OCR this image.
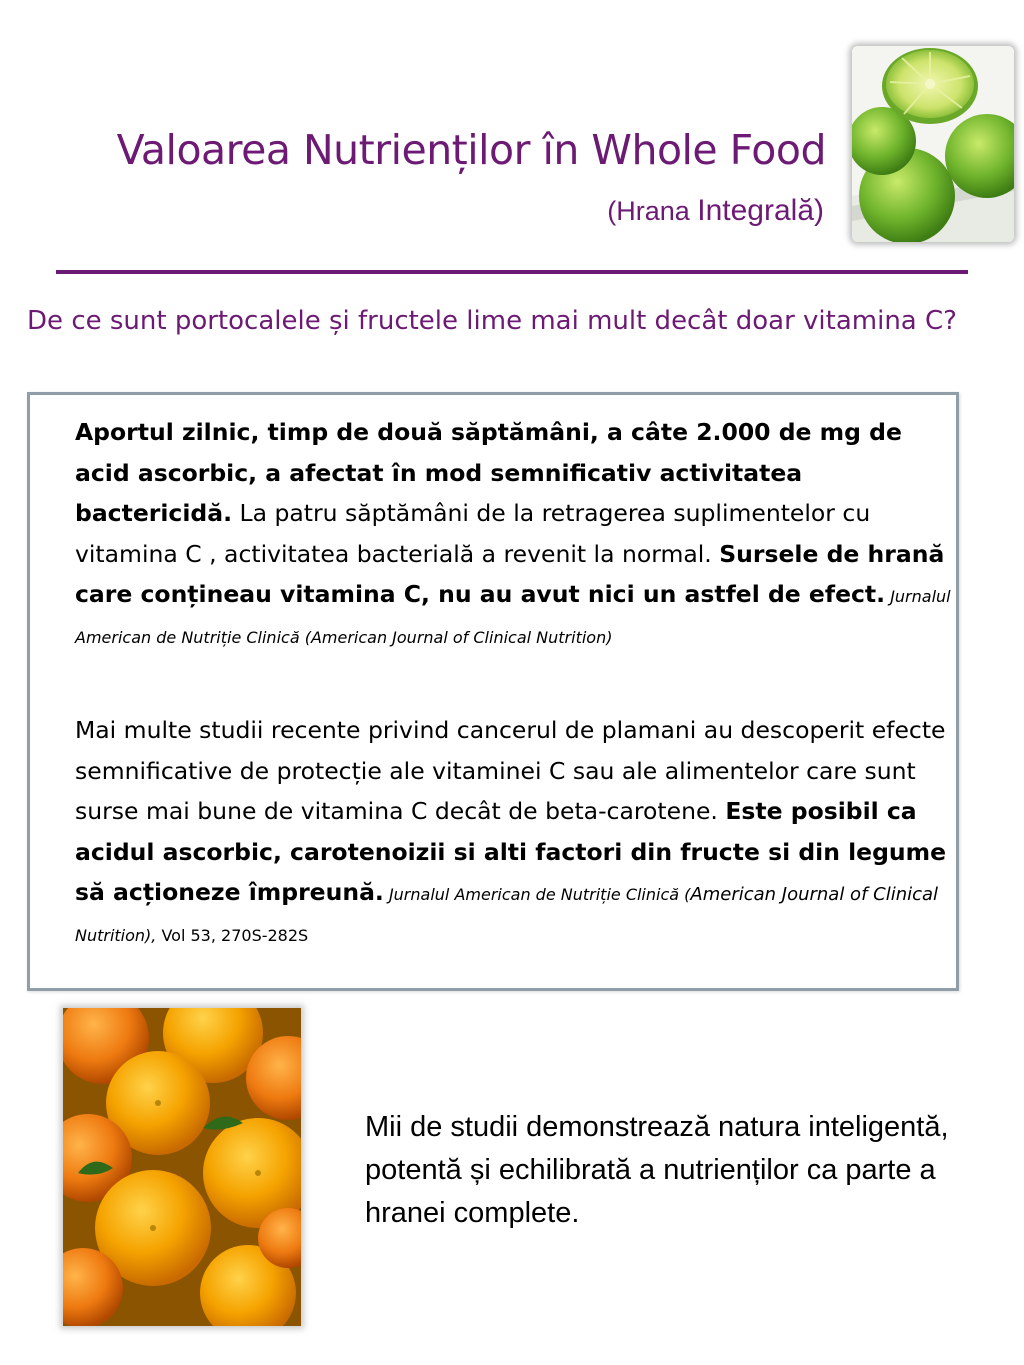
Valoarea Nutrienților în Whole Food
(Hrana Integrală)
De ce sunt portocalele și fructele lime mai mult decât doar vitamina C?
Aportul zilnic, timp de două săptămâni, a câte 2.000 de mg de acid ascorbic, a afectat în mod semnificativ activitatea bactericidă. La patru săptămâni de la retragerea suplimentelor cu vitamina C , activitatea bacterială a revenit la normal. Sursele de hrană care conțineau vitamina C, nu au avut nici un astfel de efect. Jurnalul American de Nutriție Clinică (American Journal of Clinical Nutrition)
Mai multe studii recente privind cancerul de plamani au descoperit efecte semnificative de protecție ale vitaminei C sau ale alimentelor care sunt surse mai bune de vitamina C decât de beta-carotene. Este posibil ca acidul ascorbic, carotenoizii si alti factori din fructe si din legume să acționeze împreună. Jurnalul American de Nutriție Clinică (American Journal of Clinical Nutrition), Vol 53, 270S-282S
Mii de studii demonstrează natura inteligentă, potentă și echilibrată a nutrienților ca parte a hranei complete.
